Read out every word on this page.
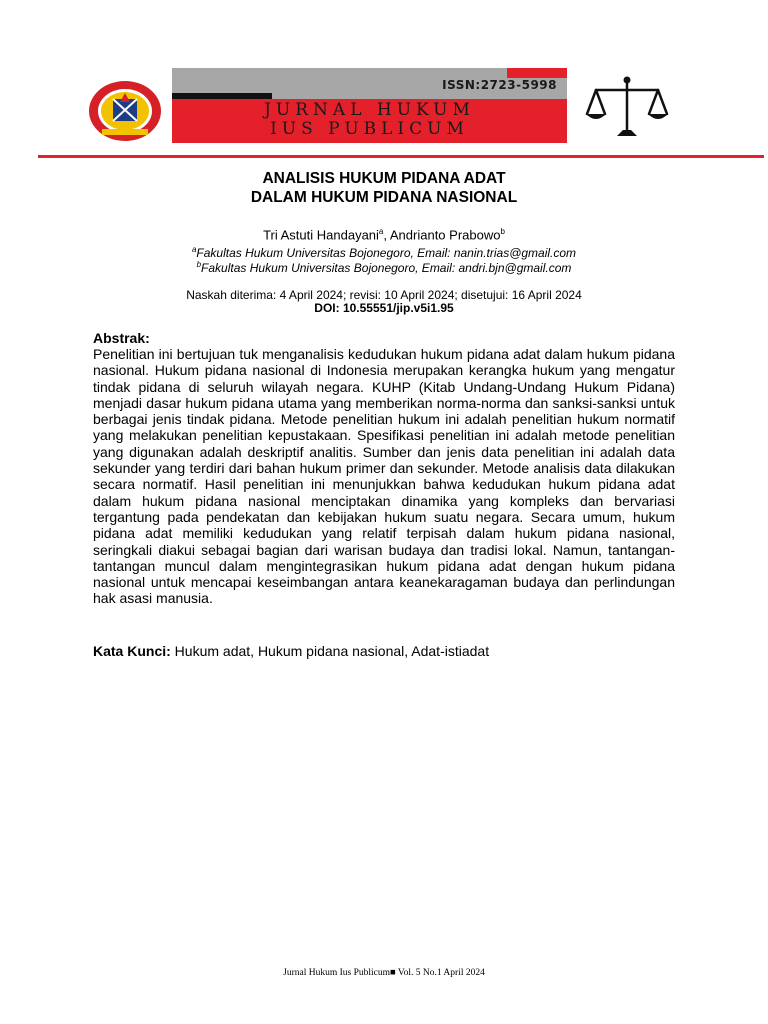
ISSN:2723-5998
JURNAL HUKUM
IUS PUBLICUM
ANALISIS HUKUM PIDANA ADAT
DALAM HUKUM PIDANA NASIONAL
Tri Astuti Handayani$^a$, Andrianto Prabowo$^b$
$^a$Fakultas Hukum Universitas Bojonegoro, Email: nanin.trias@gmail.com
$^b$Fakultas Hukum Universitas Bojonegoro, Email: andri.bjn@gmail.com
Naskah diterima: 4 April 2024; revisi: 10 April 2024; disetujui: 16 April 2024
DOI: 10.55551/jip.v5i1.95
Abstrak:

Penelitian ini bertujuan tuk menganalisis kedudukan hukum pidana adat dalam hukum pidana nasional. Hukum pidana nasional di Indonesia merupakan kerangka hukum yang mengatur tindak pidana di seluruh wilayah negara. KUHP (Kitab Undang-Undang Hukum Pidana) menjadi dasar hukum pidana utama yang memberikan norma-norma dan sanksi-sanksi untuk berbagai jenis tindak pidana. Metode penelitian hukum ini adalah penelitian hukum normatif yang melakukan penelitian kepustakaan. Spesifikasi penelitian ini adalah metode penelitian yang digunakan adalah deskriptif analitis. Sumber dan jenis data penelitian ini adalah data sekunder yang terdiri dari bahan hukum primer dan sekunder. Metode analisis data dilakukan secara normatif. Hasil penelitian ini menunjukkan bahwa kedudukan hukum pidana adat dalam hukum pidana nasional menciptakan dinamika yang kompleks dan bervariasi tergantung pada pendekatan dan kebijakan hukum suatu negara. Secara umum, hukum pidana adat memiliki kedudukan yang relatif terpisah dalam hukum pidana nasional, seringkali diakui sebagai bagian dari warisan budaya dan tradisi lokal. Namun, tantangan-tantangan muncul dalam mengintegrasikan hukum pidana adat dengan hukum pidana nasional untuk mencapai keseimbangan antara keanekaragaman budaya dan perlindungan hak asasi manusia.

Kata Kunci: Hukum adat, Hukum pidana nasional, Adat-istiadat
Jurnal Hukum Ius Publicum■ Vol. 5 No.1 April 2024
